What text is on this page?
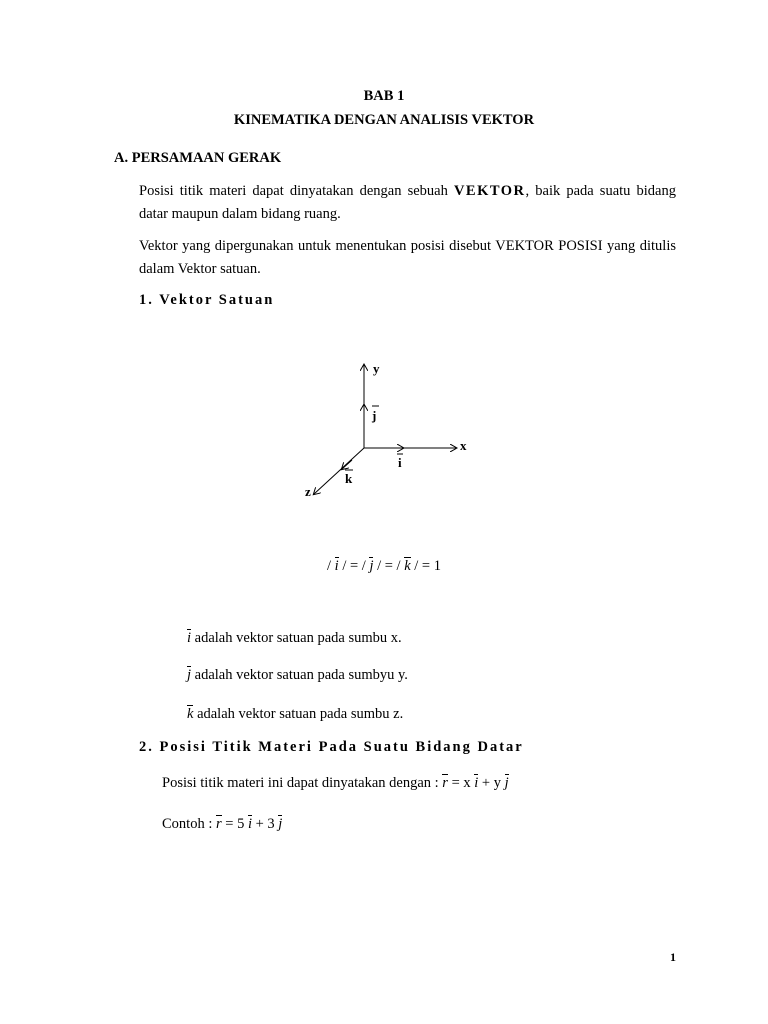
BAB 1
KINEMATIKA DENGAN ANALISIS VEKTOR
A. PERSAMAAN GERAK
Posisi titik materi dapat dinyatakan dengan sebuah VEKTOR, baik pada suatu bidang datar maupun dalam bidang ruang.
Vektor yang dipergunakan untuk menentukan posisi disebut VEKTOR POSISI yang ditulis dalam Vektor satuan.
1. Vektor Satuan
y
x
z
j
i
k
/ i / = / j / = / k / = 1
i adalah vektor satuan pada sumbu x.
j adalah vektor satuan pada sumbyu y.
k adalah vektor satuan pada sumbu z.
2. Posisi Titik Materi Pada Suatu Bidang Datar
Posisi titik materi ini dapat dinyatakan dengan : r = x i + y j
Contoh : r = 5 i + 3 j
1
